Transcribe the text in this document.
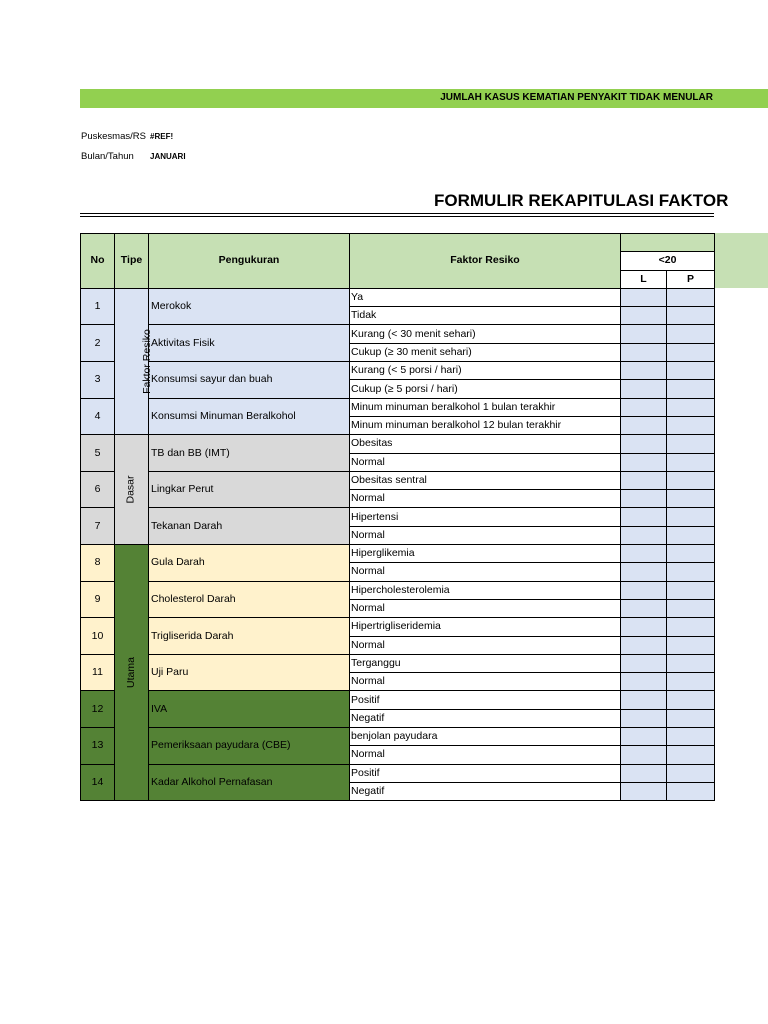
JUMLAH KASUS KEMATIAN PENYAKIT TIDAK MENULAR
Puskesmas/RS #REF!
Bulan/Tahun JANUARI
FORMULIR REKAPITULASI FAKTOR
No	Tipe	Pengukuran	Faktor Resiko		
				<20	
				L	P
1	Faktor Resiko	Merokok	Ya		
			Tidak		
2		Aktivitas Fisik	Kurang (< 30 menit sehari)		
			Cukup (≥ 30 menit sehari)		
3		Konsumsi sayur dan buah	Kurang (< 5 porsi / hari)		
			Cukup (≥ 5 porsi / hari)		
4		Konsumsi Minuman Beralkohol	Minum minuman beralkohol 1 bulan terakhir		
			Minum minuman beralkohol 12 bulan terakhir		
5	Dasar	TB dan BB (IMT)	Obesitas		
			Normal		
6		Lingkar Perut	Obesitas sentral		
			Normal		
7		Tekanan Darah	Hipertensi		
			Normal		
8	Utama	Gula Darah	Hiperglikemia		
			Normal		
9		Cholesterol Darah	Hipercholesterolemia		
			Normal		
10		Trigliserida Darah	Hipertrigliseridemia		
			Normal		
11		Uji Paru	Terganggu		
			Normal		
12		IVA	Positif		
			Negatif		
13		Pemeriksaan payudara (CBE)	benjolan payudara		
			Normal		
14		Kadar Alkohol Pernafasan	Positif		
			Negatif		
